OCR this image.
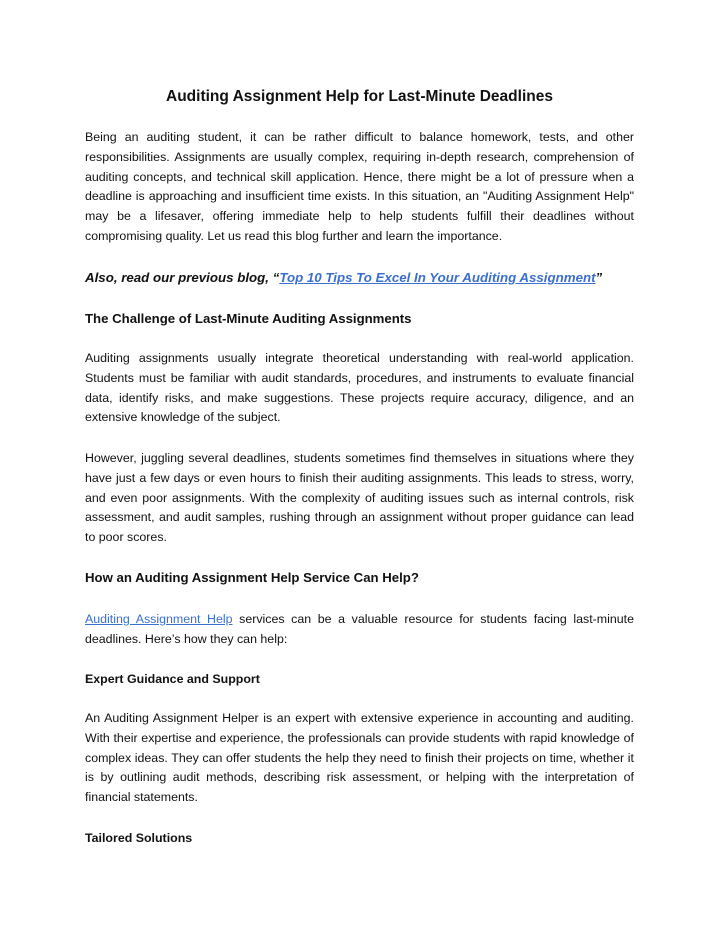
Auditing Assignment Help for Last-Minute Deadlines

Being an auditing student, it can be rather difficult to balance homework, tests, and other responsibilities. Assignments are usually complex, requiring in-depth research, comprehension of auditing concepts, and technical skill application. Hence, there might be a lot of pressure when a deadline is approaching and insufficient time exists. In this situation, an "Auditing Assignment Help" may be a lifesaver, offering immediate help to help students fulfill their deadlines without compromising quality. Let us read this blog further and learn the importance.

Also, read our previous blog, “Top 10 Tips To Excel In Your Auditing Assignment”

The Challenge of Last-Minute Auditing Assignments

Auditing assignments usually integrate theoretical understanding with real-world application. Students must be familiar with audit standards, procedures, and instruments to evaluate financial data, identify risks, and make suggestions. These projects require accuracy, diligence, and an extensive knowledge of the subject.

However, juggling several deadlines, students sometimes find themselves in situations where they have just a few days or even hours to finish their auditing assignments. This leads to stress, worry, and even poor assignments. With the complexity of auditing issues such as internal controls, risk assessment, and audit samples, rushing through an assignment without proper guidance can lead to poor scores.

How an Auditing Assignment Help Service Can Help?

Auditing Assignment Help services can be a valuable resource for students facing last-minute deadlines. Here’s how they can help:

Expert Guidance and Support

An Auditing Assignment Helper is an expert with extensive experience in accounting and auditing. With their expertise and experience, the professionals can provide students with rapid knowledge of complex ideas. They can offer students the help they need to finish their projects on time, whether it is by outlining audit methods, describing risk assessment, or helping with the interpretation of financial statements.

Tailored Solutions
